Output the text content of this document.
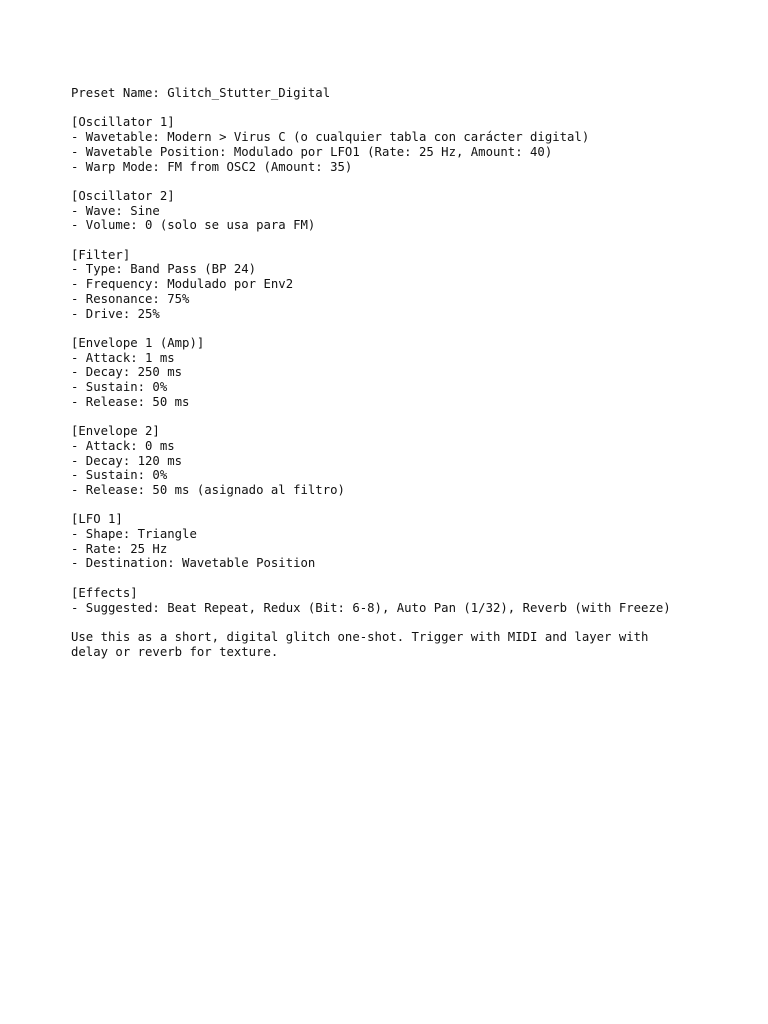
Preset Name: Glitch_Stutter_Digital
[Oscillator 1]
- Wavetable: Modern > Virus C (o cualquier tabla con carácter digital)
- Wavetable Position: Modulado por LFO1 (Rate: 25 Hz, Amount: 40)
- Warp Mode: FM from OSC2 (Amount: 35)
[Oscillator 2]
- Wave: Sine
- Volume: 0 (solo se usa para FM)
[Filter]
- Type: Band Pass (BP 24)
- Frequency: Modulado por Env2
- Resonance: 75%
- Drive: 25%
[Envelope 1 (Amp)]
- Attack: 1 ms
- Decay: 250 ms
- Sustain: 0%
- Release: 50 ms
[Envelope 2]
- Attack: 0 ms
- Decay: 120 ms
- Sustain: 0%
- Release: 50 ms (asignado al filtro)
[LFO 1]
- Shape: Triangle
- Rate: 25 Hz
- Destination: Wavetable Position
[Effects]
- Suggested: Beat Repeat, Redux (Bit: 6-8), Auto Pan (1/32), Reverb (with Freeze)
Use this as a short, digital glitch one-shot. Trigger with MIDI and layer with
delay or reverb for texture.
